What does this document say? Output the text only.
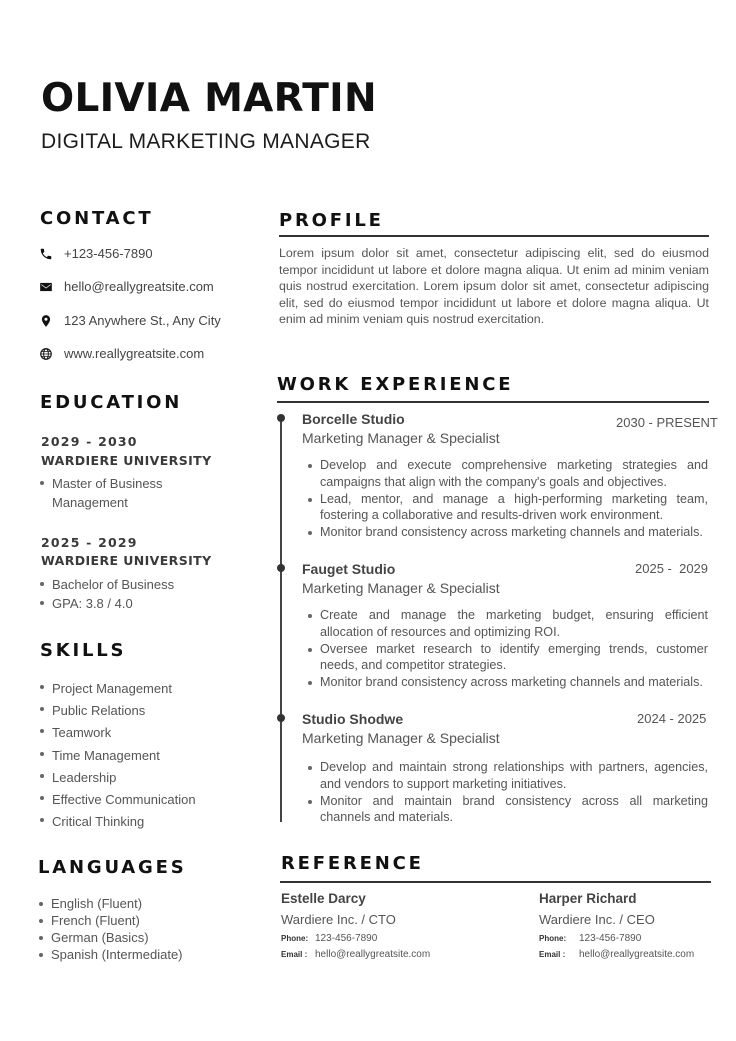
OLIVIA MARTIN
DIGITAL MARKETING MANAGER
CONTACT
+123-456-7890
hello@reallygreatsite.com
123 Anywhere St., Any City
www.reallygreatsite.com
EDUCATION
2029 - 2030
WARDIERE UNIVERSITY
Master of Business
Management
2025 - 2029
WARDIERE UNIVERSITY
Bachelor of Business
GPA: 3.8 / 4.0
SKILLS
Project Management
Public Relations
Teamwork
Time Management
Leadership
Effective Communication
Critical Thinking
LANGUAGES
English (Fluent)
French (Fluent)
German (Basics)
Spanish (Intermediate)
PROFILE
Lorem ipsum dolor sit amet, consectetur adipiscing elit, sed do eiusmod tempor incididunt ut labore et dolore magna aliqua. Ut enim ad minim veniam quis nostrud exercitation. Lorem ipsum dolor sit amet, consectetur adipiscing elit, sed do eiusmod tempor incididunt ut labore et dolore magna aliqua. Ut enim ad minim veniam quis nostrud exercitation.
WORK EXPERIENCE
Borcelle Studio	2030 - PRESENT
Marketing Manager & Specialist
Develop and execute comprehensive marketing strategies and campaigns that align with the company's goals and objectives.
Lead, mentor, and manage a high-performing marketing team, fostering a collaborative and results-driven work environment.
Monitor brand consistency across marketing channels and materials.
Fauget Studio	2025 -  2029
Marketing Manager & Specialist
Create and manage the marketing budget, ensuring efficient allocation of resources and optimizing ROI.
Oversee market research to identify emerging trends, customer needs, and competitor strategies.
Monitor brand consistency across marketing channels and materials.
Studio Shodwe	2024 - 2025
Marketing Manager & Specialist
Develop and maintain strong relationships with partners, agencies, and vendors to support marketing initiatives.
Monitor and maintain brand consistency across all marketing channels and materials.
REFERENCE
Estelle Darcy
Wardiere Inc. / CTO
Phone: 123-456-7890
Email : hello@reallygreatsite.com
Harper Richard
Wardiere Inc. / CEO
Phone:	123-456-7890
Email :	hello@reallygreatsite.com
